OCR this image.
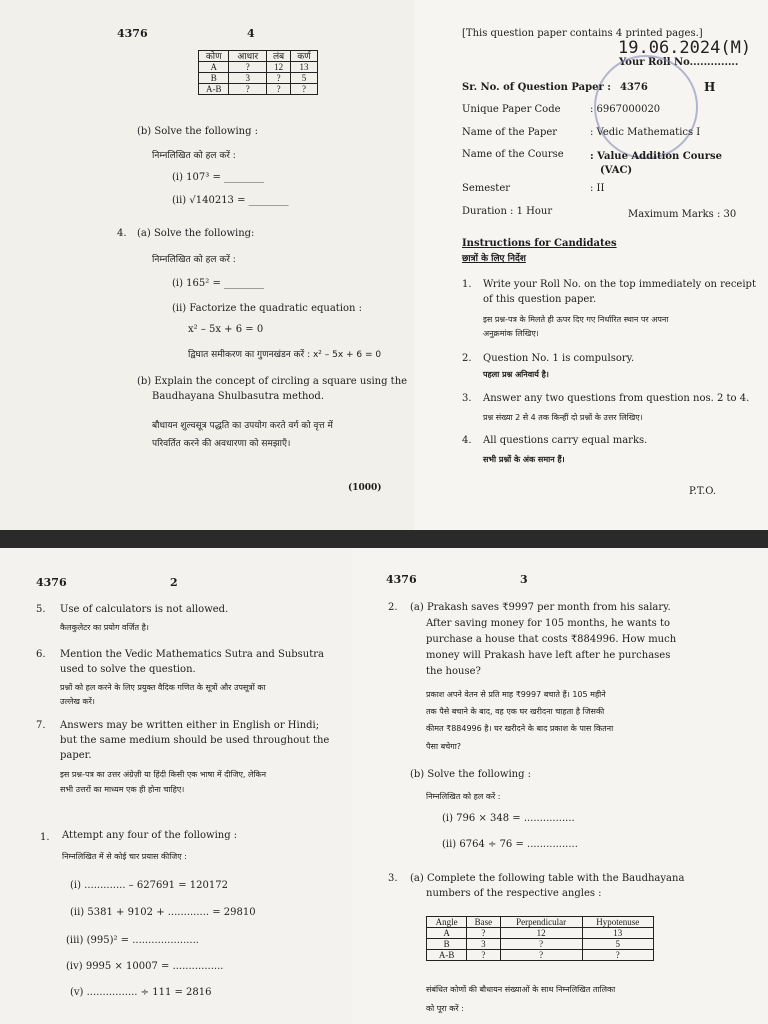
4376	4
कोण	आधार	लंब	कर्ण
A	?	12	13
B	3	?	5
A-B	?	?	?
(b) Solve the following :
निम्नलिखित को हल करें :
(i) 107³ = ________
(ii) √140213 = ________
4. (a) Solve the following:
निम्नलिखित को हल करें :
(i) 165² = ________
(ii) Factorize the quadratic equation :
x² – 5x + 6 = 0
द्विघात समीकरण का गुणनखंडन करें : x² – 5x + 6 = 0
(b) Explain the concept of circling a square using the
Baudhayana Shulbasutra method.
बौधायन शुल्वसूत्र पद्धति का उपयोग करते वर्ग को वृत्त में
परिवर्तित करने की अवधारणा को समझाएँ।
(1000)
[This question paper contains 4 printed pages.]
19.06.2024(M)
Your Roll No..............
Sr. No. of Question Paper : 4376	H
Unique Paper Code	: 6967000020
Name of the Paper	: Vedic Mathematics I
Name of the Course	: Value Addition Course
(VAC)
Semester	: II
Duration : 1 Hour	Maximum Marks : 30
Instructions for Candidates
छात्रों के लिए निर्देश
1. Write your Roll No. on the top immediately on receipt
of this question paper.
इस प्रश्न-पत्र के मिलते ही ऊपर दिए गए निर्धारित स्थान पर अपना
अनुक्रमांक लिखिए।
2. Question No. 1 is compulsory.
पहला प्रश्न अनिवार्य है।
3. Answer any two questions from question nos. 2 to 4.
प्रश्न संख्या 2 से 4 तक किन्हीं दो प्रश्नों के उत्तर लिखिए।
4. All questions carry equal marks.
सभी प्रश्नों के अंक समान हैं।
P.T.O.
4376	2
5. Use of calculators is not allowed.
कैलकुलेटर का प्रयोग वर्जित है।
6. Mention the Vedic Mathematics Sutra and Subsutra
used to solve the question.
प्रश्नों को हल करने के लिए प्रयुक्त वैदिक गणित के सूत्रों और उपसूत्रों का
उल्लेख करें।
7. Answers may be written either in English or Hindi;
but the same medium should be used throughout the
paper.
इस प्रश्न-पत्र का उत्तर अंग्रेज़ी या हिंदी किसी एक भाषा में दीजिए, लेकिन
सभी उत्तरों का माध्यम एक ही होना चाहिए।
1. Attempt any four of the following :
निम्नलिखित में से कोई चार प्रयास कीजिए :
(i) ............. – 627691 = 120172
(ii) 5381 + 9102 + ............. = 29810
(iii) (995)² = .....................
(iv) 9995 × 10007 = ................
(v) ................ ÷ 111 = 2816
4376	3
2. (a) Prakash saves ₹9997 per month from his salary.
After saving money for 105 months, he wants to
purchase a house that costs ₹884996. How much
money will Prakash have left after he purchases
the house?
प्रकाश अपने वेतन से प्रति माह ₹9997 बचाते हैं। 105 महीने
तक पैसे बचाने के बाद, वह एक घर खरीदना चाहता है जिसकी
कीमत ₹884996 है। घर खरीदने के बाद प्रकाश के पास कितना
पैसा बचेगा?
(b) Solve the following :
निम्नलिखित को हल करें :
(i) 796 × 348 = ................
(ii) 6764 ÷ 76 = ................
3. (a) Complete the following table with the Baudhayana
numbers of the respective angles :
Angle	Base	Perpendicular	Hypotenuse
A	?	12	13
B	3	?	5
A-B	?	?	?
संबंधित कोणों की बौधायन संख्याओं के साथ निम्नलिखित तालिका
को पूरा करें :
